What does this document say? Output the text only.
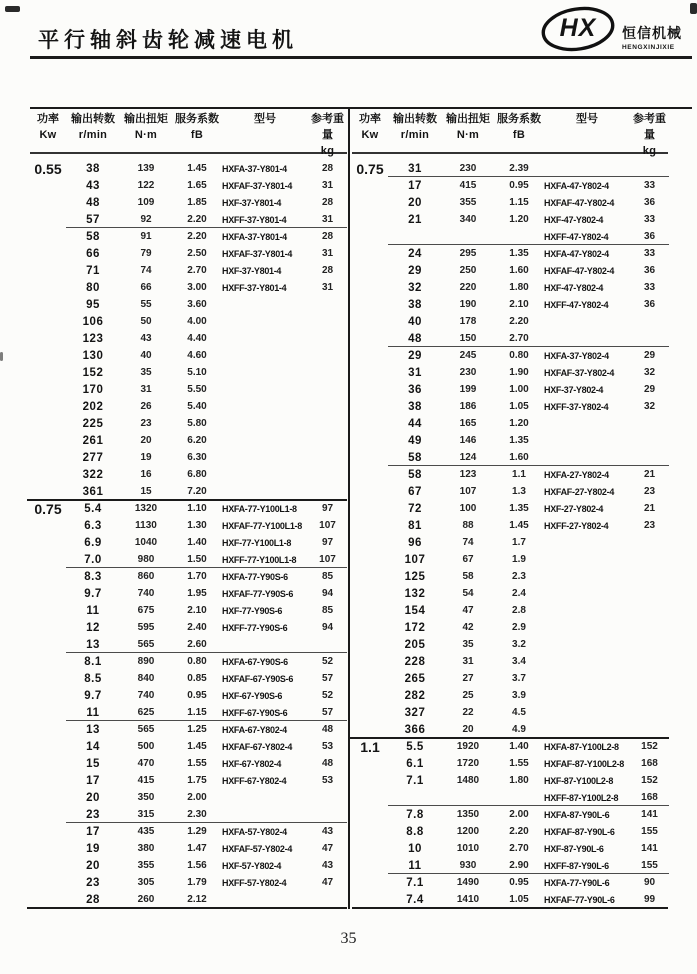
平行轴斜齿轮减速电机	HX	恒信机械
HENGXINJIXIE
功率
Kw
输出转数
r/min
输出扭矩
N·m
服务系数
fB
型号	参考重量
kg
功率
Kw
输出转数
r/min
输出扭矩
N·m
服务系数
fB
型号	参考重量
kg
0.55	38	139	1.45	HXFA-37-Y801-4	28
43	122	1.65	HXFAF-37-Y801-4	31
48	109	1.85	HXF-37-Y801-4	28
57	92	2.20	HXFF-37-Y801-4	31
58	91	2.20	HXFA-37-Y801-4	28
66	79	2.50	HXFAF-37-Y801-4	31
71	74	2.70	HXF-37-Y801-4	28
80	66	3.00	HXFF-37-Y801-4	31
95	55	3.60
106	50	4.00
123	43	4.40
130	40	4.60
152	35	5.10
170	31	5.50
202	26	5.40
225	23	5.80
261	20	6.20
277	19	6.30
322	16	6.80
361	15	7.20
0.75	5.4	1320	1.10	HXFA-77-Y100L1-8	97
6.3	1130	1.30	HXFAF-77-Y100L1-8	107
6.9	1040	1.40	HXF-77-Y100L1-8	97
7.0	980	1.50	HXFF-77-Y100L1-8	107
8.3	860	1.70	HXFA-77-Y90S-6	85
9.7	740	1.95	HXFAF-77-Y90S-6	94
11	675	2.10	HXF-77-Y90S-6	85
12	595	2.40	HXFF-77-Y90S-6	94
13	565	2.60
8.1	890	0.80	HXFA-67-Y90S-6	52
8.5	840	0.85	HXFAF-67-Y90S-6	57
9.7	740	0.95	HXF-67-Y90S-6	52
11	625	1.15	HXFF-67-Y90S-6	57
13	565	1.25	HXFA-67-Y802-4	48
14	500	1.45	HXFAF-67-Y802-4	53
15	470	1.55	HXF-67-Y802-4	48
17	415	1.75	HXFF-67-Y802-4	53
20	350	2.00
23	315	2.30
17	435	1.29	HXFA-57-Y802-4	43
19	380	1.47	HXFAF-57-Y802-4	47
20	355	1.56	HXF-57-Y802-4	43
23	305	1.79	HXFF-57-Y802-4	47
28	260	2.12
0.75	31	230	2.39
17	415	0.95	HXFA-47-Y802-4	33
20	355	1.15	HXFAF-47-Y802-4	36
21	340	1.20	HXF-47-Y802-4	33
HXFF-47-Y802-4	36
24	295	1.35	HXFA-47-Y802-4	33
29	250	1.60	HXFAF-47-Y802-4	36
32	220	1.80	HXF-47-Y802-4	33
38	190	2.10	HXFF-47-Y802-4	36
40	178	2.20
48	150	2.70
29	245	0.80	HXFA-37-Y802-4	29
31	230	1.90	HXFAF-37-Y802-4	32
36	199	1.00	HXF-37-Y802-4	29
38	186	1.05	HXFF-37-Y802-4	32
44	165	1.20
49	146	1.35
58	124	1.60
58	123	1.1	HXFA-27-Y802-4	21
67	107	1.3	HXFAF-27-Y802-4	23
72	100	1.35	HXF-27-Y802-4	21
81	88	1.45	HXFF-27-Y802-4	23
96	74	1.7
107	67	1.9
125	58	2.3
132	54	2.4
154	47	2.8
172	42	2.9
205	35	3.2
228	31	3.4
265	27	3.7
282	25	3.9
327	22	4.5
366	20	4.9
1.1	5.5	1920	1.40	HXFA-87-Y100L2-8	152
6.1	1720	1.55	HXFAF-87-Y100L2-8	168
7.1	1480	1.80	HXF-87-Y100L2-8	152
HXFF-87-Y100L2-8	168
7.8	1350	2.00	HXFA-87-Y90L-6	141
8.8	1200	2.20	HXFAF-87-Y90L-6	155
10	1010	2.70	HXF-87-Y90L-6	141
11	930	2.90	HXFF-87-Y90L-6	155
7.1	1490	0.95	HXFA-77-Y90L-6	90
7.4	1410	1.05	HXFAF-77-Y90L-6	99
35
